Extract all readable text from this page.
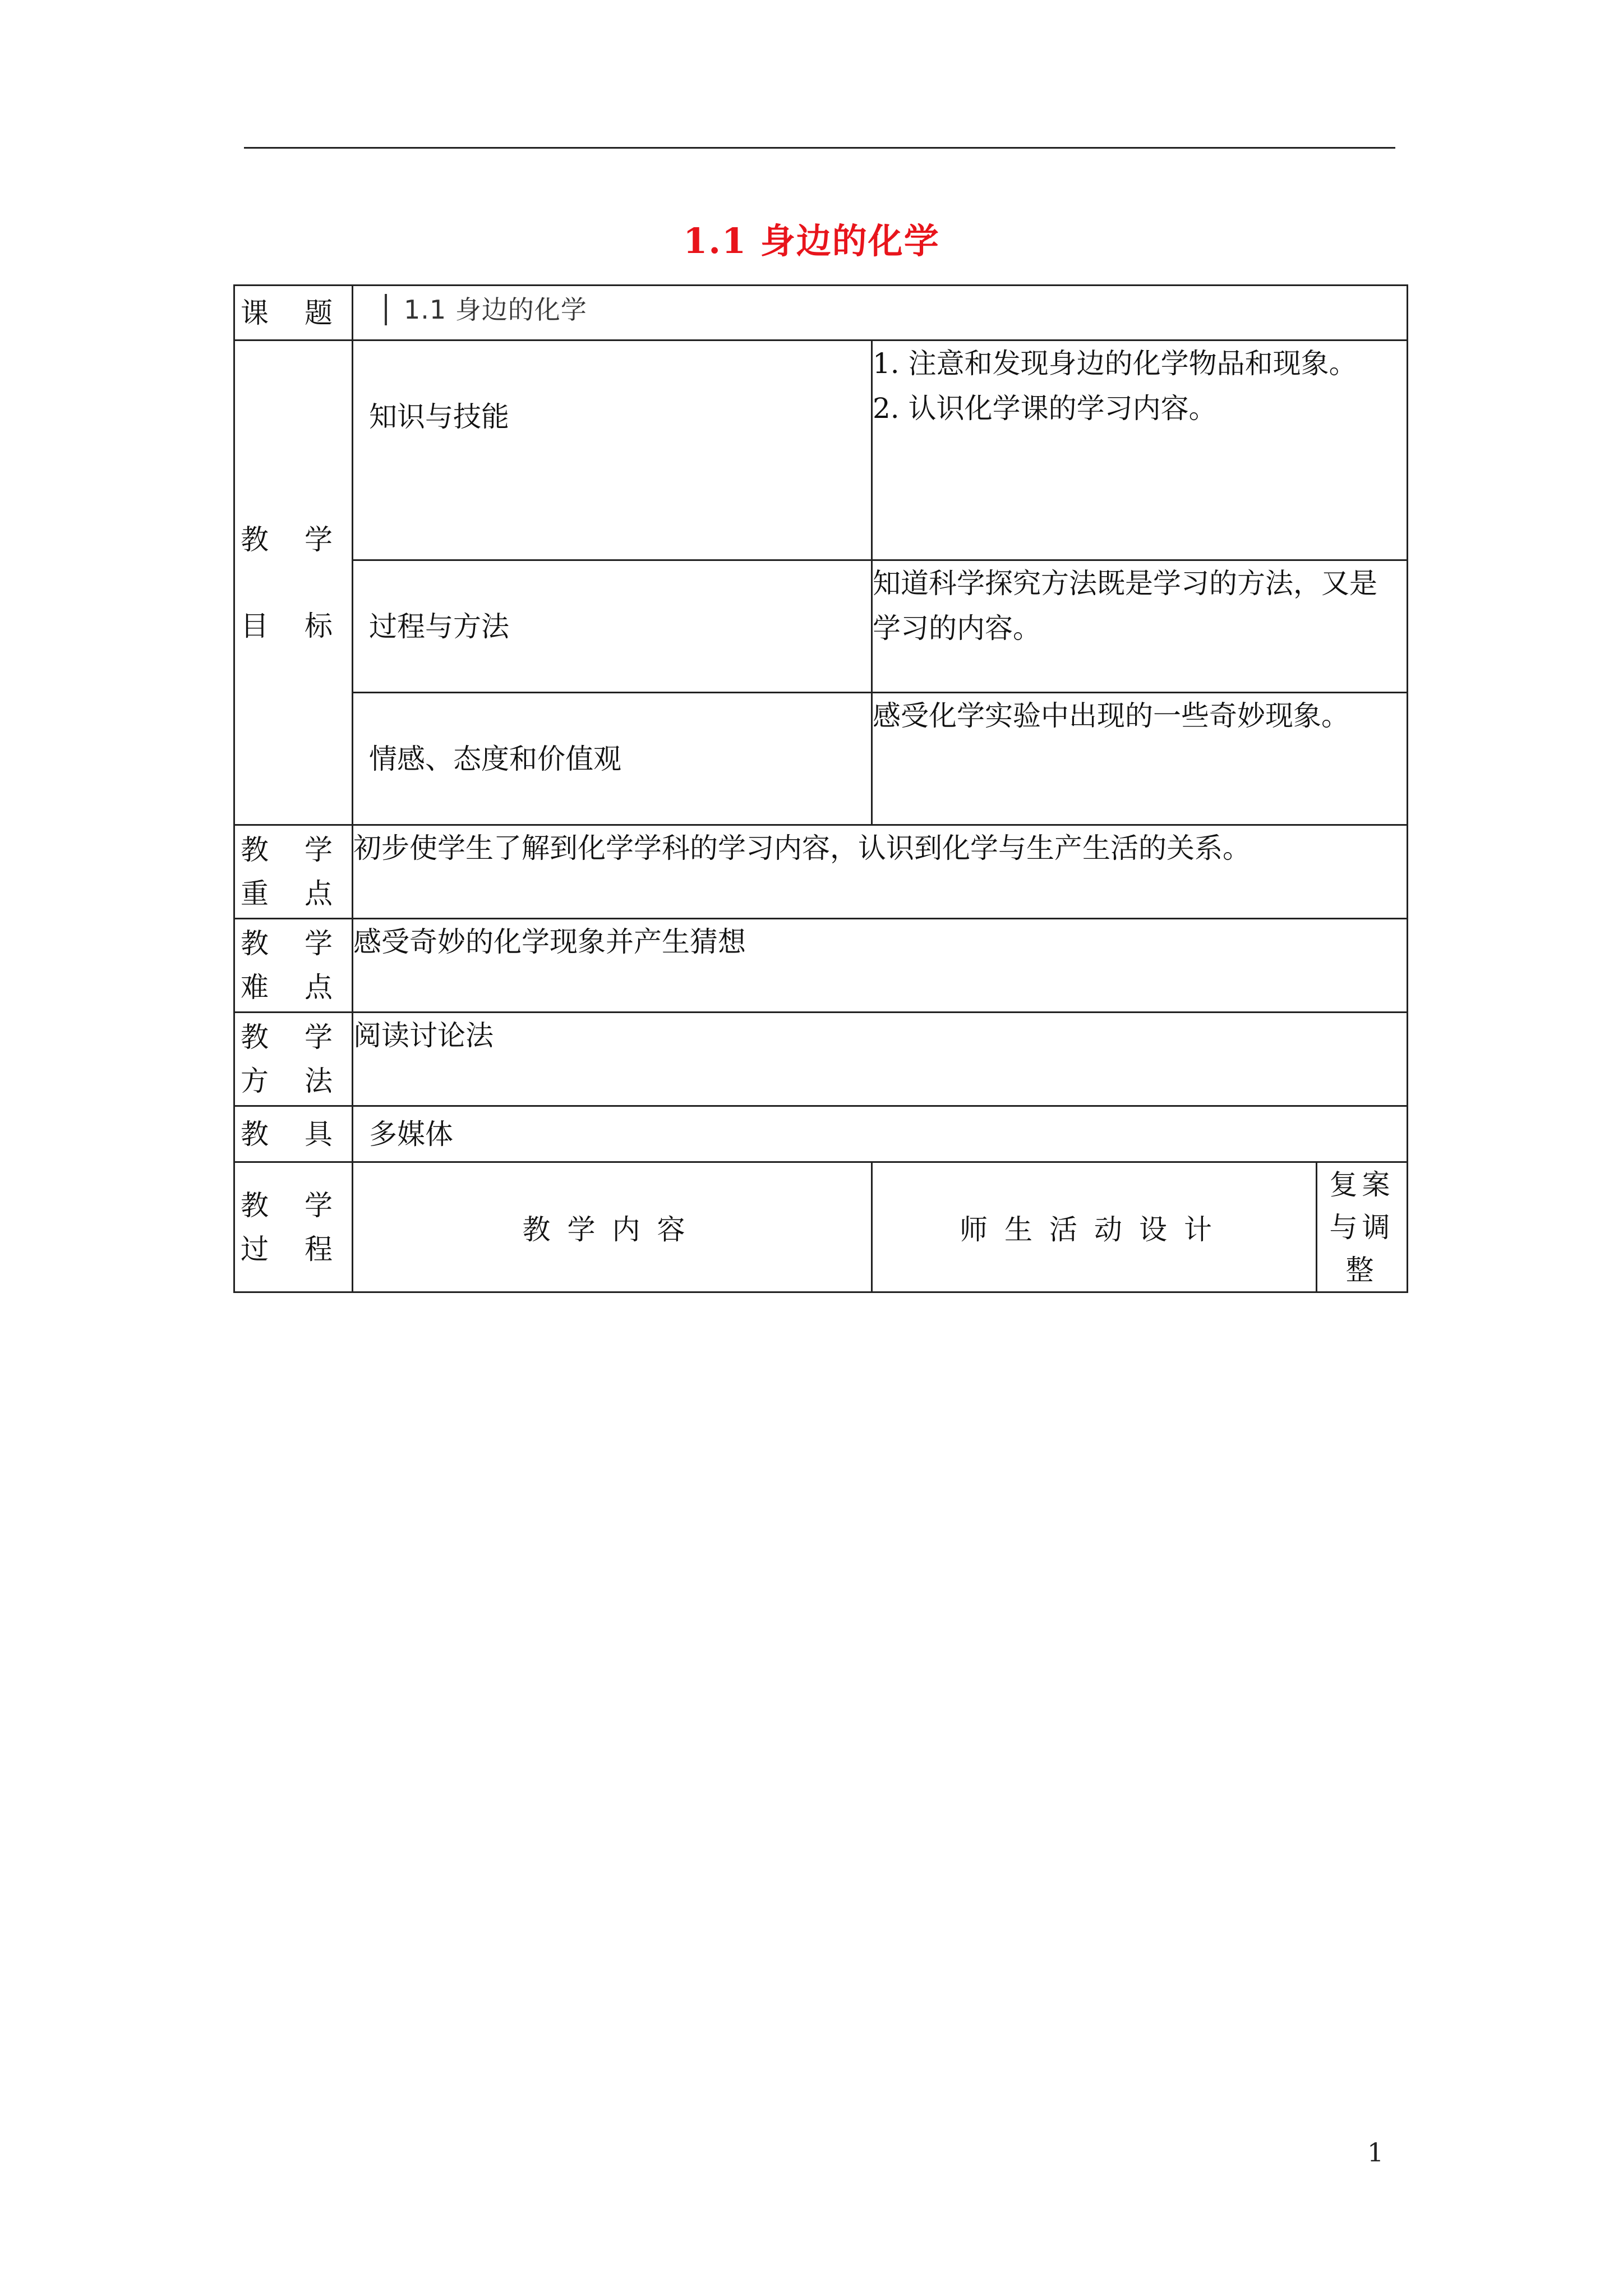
1.1 身边的化学
课 题	1.1 身边的化学		

教 学
目 标	知识与技能	1. 注意和发现身边的化学物品和现象。
2. 认识化学课的学习内容。	

	过程与方法	知道科学探究方法既是学习的方法，又是
学习的内容。	

	情感、态度和价值观	感受化学实验中出现的一些奇妙现象。	

教 学
重 点	初步使学生了解到化学学科的学习内容，认识到化学与生产生活的关系。		

教 学
难 点	感受奇妙的化学现象并产生猜想		

教 学
方 法	阅读讨论法		
教 具	多媒体		

教 学
过 程	教学内容	师生活动设计	复案
与调
整
1
